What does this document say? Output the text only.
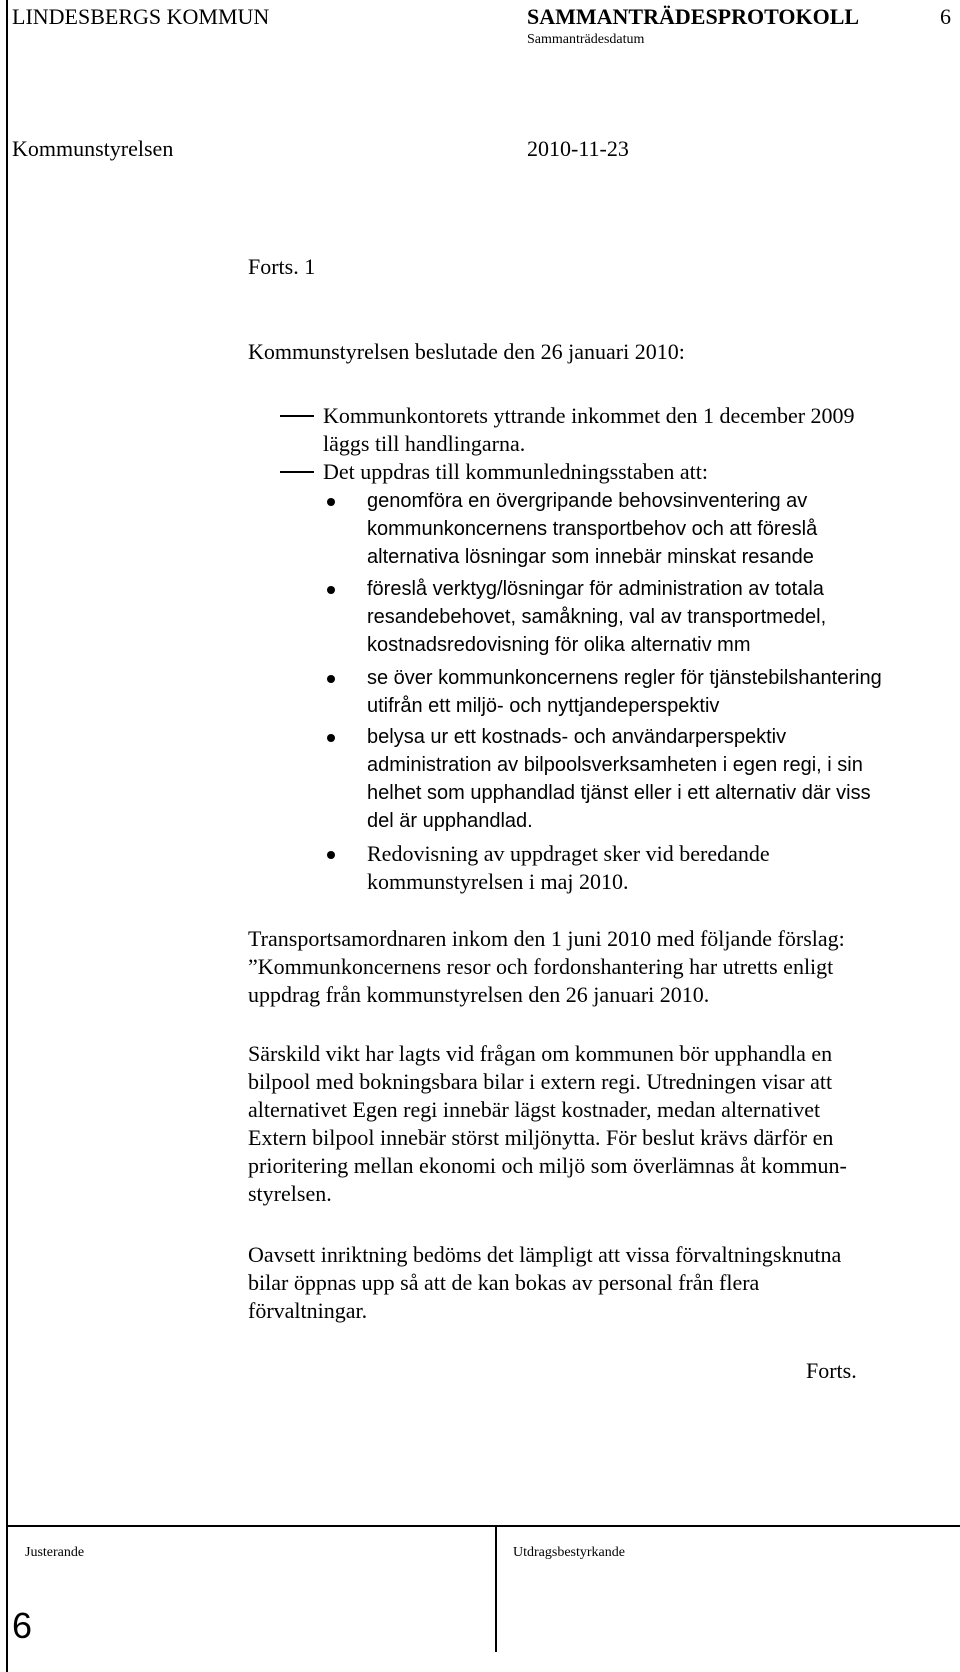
LINDESBERGS KOMMUN	SAMMANTRÄDESPROTOKOLL	6
Sammanträdesdatum
Kommunstyrelsen	2010-11-23
Forts. 1
Kommunstyrelsen beslutade den 26 januari 2010:
Kommunkontorets yttrande inkommet den 1 december 2009
läggs till handlingarna.
Det uppdras till kommunledningsstaben att:
genomföra en övergripande behovsinventering av
kommunkoncernens transportbehov och att föreslå
alternativa lösningar som innebär minskat resande
föreslå verktyg/lösningar för administration av totala
resandebehovet, samåkning, val av transportmedel,
kostnadsredovisning för olika alternativ mm
se över kommunkoncernens regler för tjänstebilshantering
utifrån ett miljö- och nyttjandeperspektiv
belysa ur ett kostnads- och användarperspektiv
administration av bilpoolsverksamheten i egen regi, i sin
helhet som upphandlad tjänst eller i ett alternativ där viss
del är upphandlad.
Redovisning av uppdraget sker vid beredande
kommunstyrelsen i maj 2010.
Transportsamordnaren inkom den 1 juni 2010 med följande förslag:
”Kommunkoncernens resor och fordonshantering har utretts enligt
uppdrag från kommunstyrelsen den 26 januari 2010.
Särskild vikt har lagts vid frågan om kommunen bör upphandla en
bilpool med bokningsbara bilar i extern regi. Utredningen visar att
alternativet Egen regi innebär lägst kostnader, medan alternativet
Extern bilpool innebär störst miljönytta. För beslut krävs därför en
prioritering mellan ekonomi och miljö som överlämnas åt kommun-
styrelsen.
Oavsett inriktning bedöms det lämpligt att vissa förvaltningsknutna
bilar öppnas upp så att de kan bokas av personal från flera
förvaltningar.
Forts.
Justerande	Utdragsbestyrkande
6
